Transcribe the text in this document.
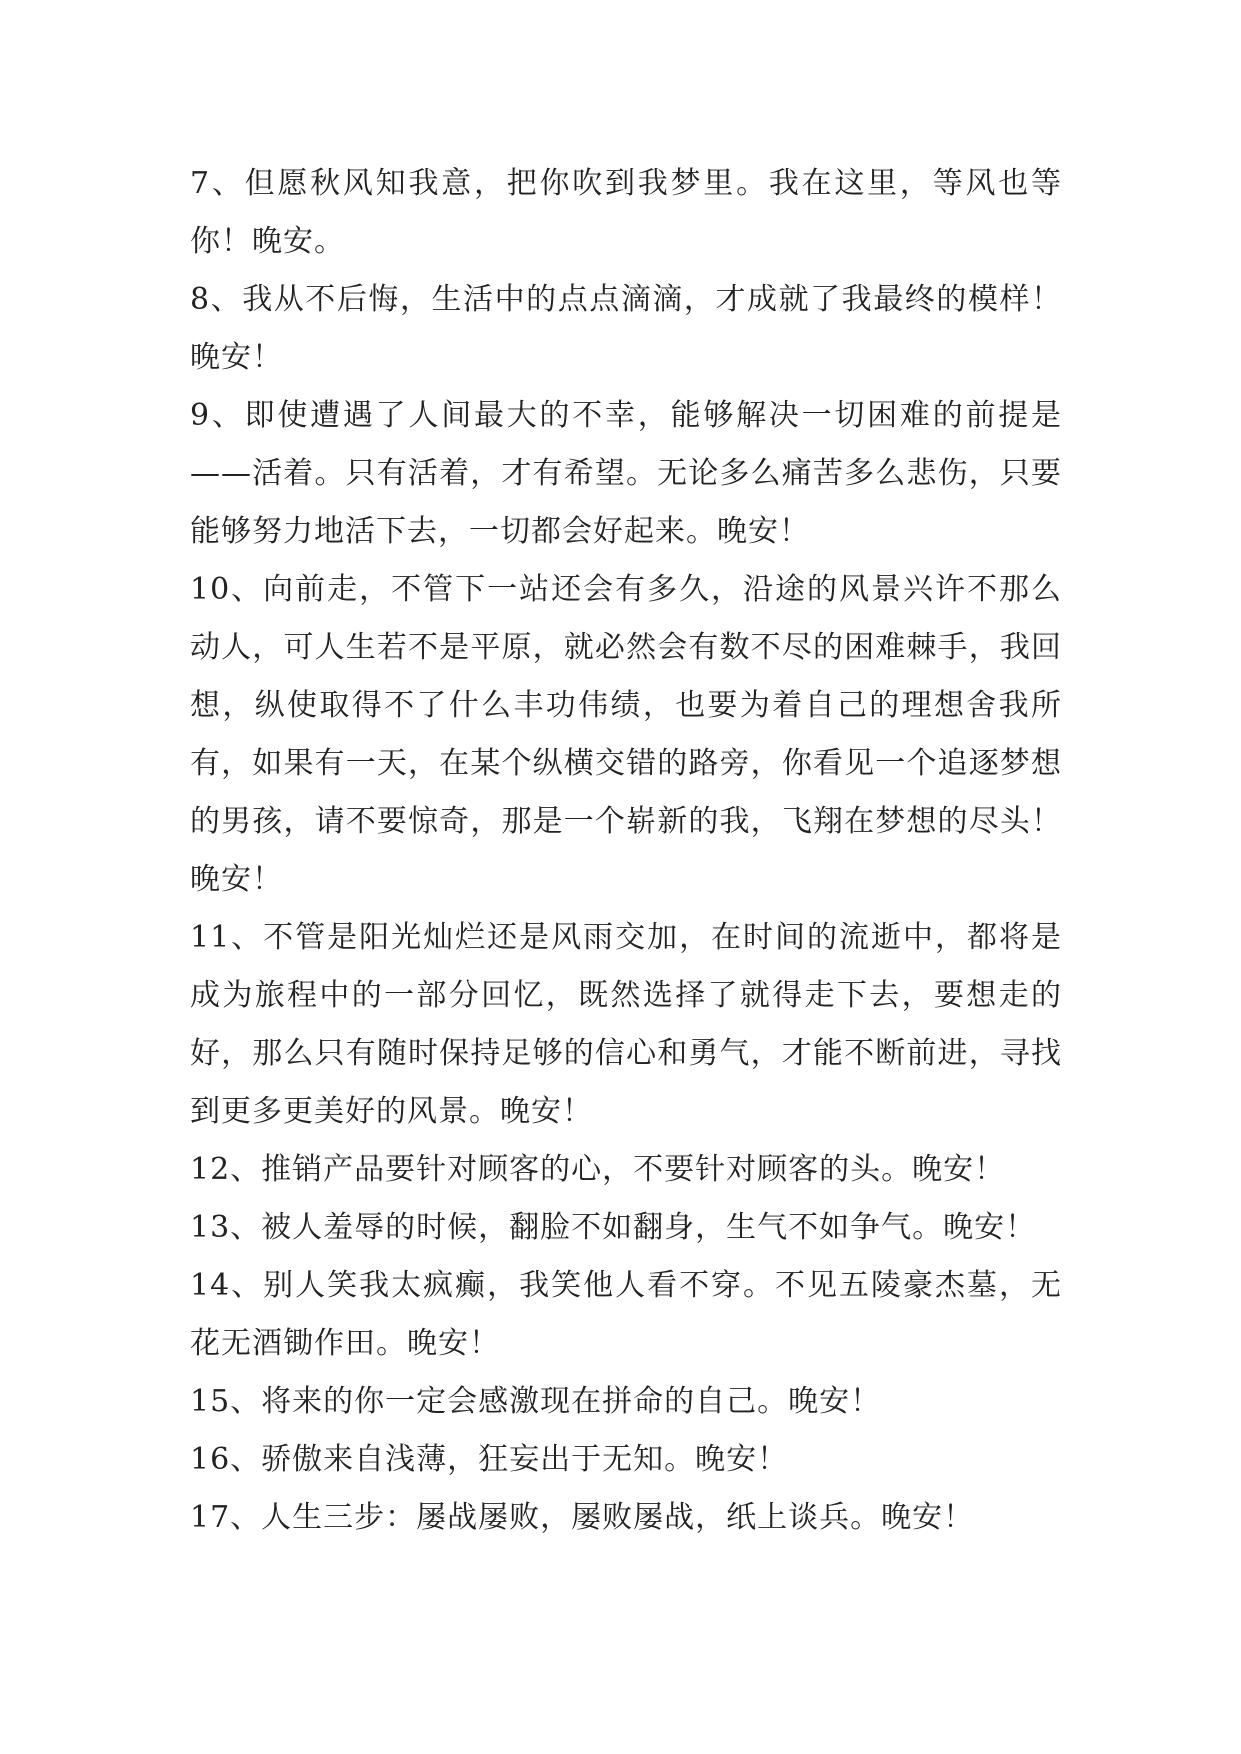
7、但愿秋风知我意，把你吹到我梦里。我在这里，等风也等你！晚安。

8、我从不后悔，生活中的点点滴滴，才成就了我最终的模样！晚安！

9、即使遭遇了人间最大的不幸，能够解决一切困难的前提是——活着。只有活着，才有希望。无论多么痛苦多么悲伤，只要能够努力地活下去，一切都会好起来。晚安！

10、向前走，不管下一站还会有多久，沿途的风景兴许不那么动人，可人生若不是平原，就必然会有数不尽的困难棘手，我回想，纵使取得不了什么丰功伟绩，也要为着自己的理想舍我所有，如果有一天，在某个纵横交错的路旁，你看见一个追逐梦想的男孩，请不要惊奇，那是一个崭新的我，飞翔在梦想的尽头！晚安！

11、不管是阳光灿烂还是风雨交加，在时间的流逝中，都将是成为旅程中的一部分回忆，既然选择了就得走下去，要想走的好，那么只有随时保持足够的信心和勇气，才能不断前进，寻找到更多更美好的风景。晚安！

12、推销产品要针对顾客的心，不要针对顾客的头。晚安！

13、被人羞辱的时候，翻脸不如翻身，生气不如争气。晚安！

14、别人笑我太疯癫，我笑他人看不穿。不见五陵豪杰墓，无花无酒锄作田。晚安！

15、将来的你一定会感激现在拼命的自己。晚安！

16、骄傲来自浅薄，狂妄出于无知。晚安！

17、人生三步：屡战屡败，屡败屡战，纸上谈兵。晚安！
